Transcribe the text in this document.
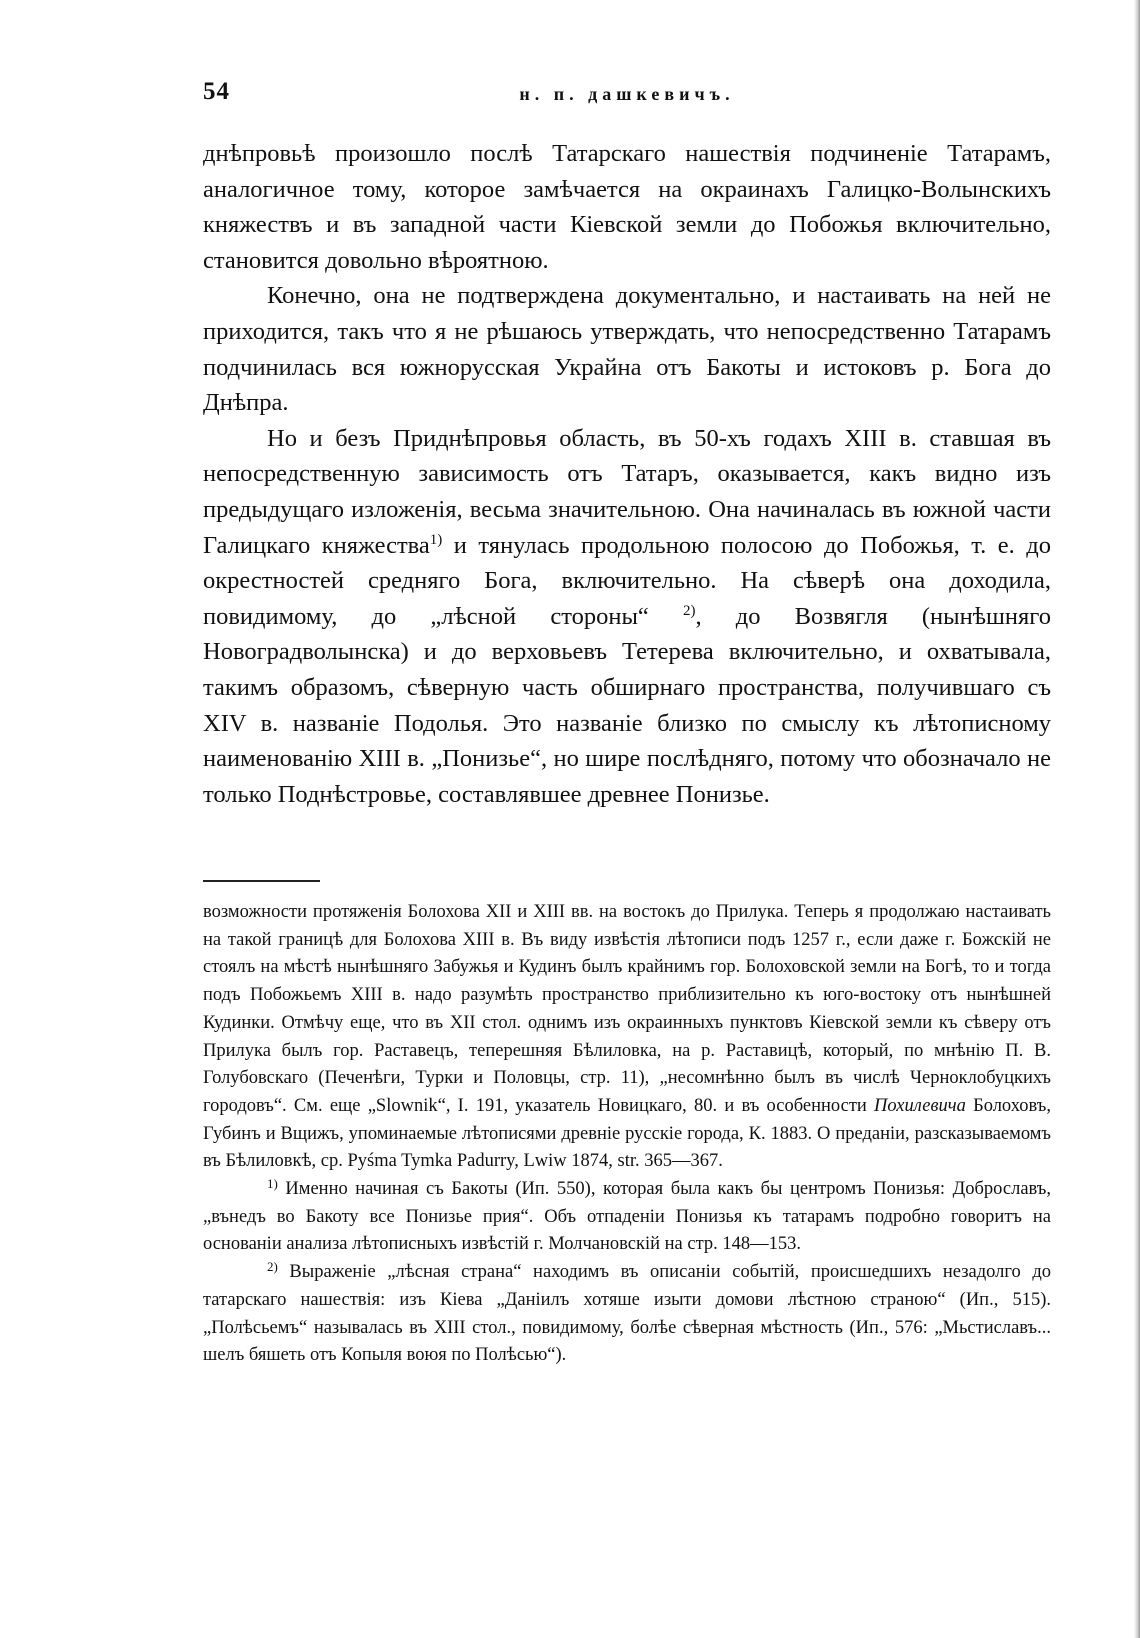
54	н. п. дашкевичъ.

днѣпровьѣ произошло послѣ Татарскаго нашествія подчиненіе Татарамъ, аналогичное тому, которое замѣчается на окраинахъ Галицко-Волынскихъ княжествъ и въ западной части Кіевской земли до Побожья включительно, становится довольно вѣроятною.

Конечно, она не подтверждена документально, и настаивать на ней не приходится, такъ что я не рѣшаюсь утверждать, что непосредственно Татарамъ подчинилась вся южнорусская Украйна отъ Бакоты и истоковъ р. Бога до Днѣпра.

Но и безъ Приднѣпровья область, въ 50-хъ годахъ XIII в. ставшая въ непосредственную зависимость отъ Татаръ, оказывается, какъ видно изъ предыдущаго изложенія, весьма значительною. Она начиналась въ южной части Галицкаго княжества$^{1)}$ и тянулась продольною полосою до Побожья, т. е. до окрестностей средняго Бога, включительно. На сѣверѣ она доходила, повидимому, до „лѣсной стороны“ $^{2)}$, до Возвягля (нынѣшняго Новоградволынска) и до верховьевъ Тетерева включительно, и охватывала, такимъ образомъ, сѣверную часть обширнаго пространства, получившаго съ XIV в. названіе Подолья. Это названіе близко по смыслу къ лѣтописному наименованію XIII в. „Понизье“, но шире послѣдняго, потому что обозначало не только Поднѣстровье, составлявшее древнее Понизье.

возможности протяженія Болохова XII и XIII вв. на востокъ до Прилука. Теперь я продолжаю настаивать на такой границѣ для Болохова XIII в. Въ виду извѣстія лѣтописи подъ 1257 г., если даже г. Божскій не стоялъ на мѣстѣ нынѣшняго Забужья и Кудинъ былъ крайнимъ гор. Болоховской земли на Богѣ, то и тогда подъ Побожьемъ XIII в. надо разумѣть пространство приблизительно къ юго-востоку отъ нынѣшней Кудинки. Отмѣчу еще, что въ XII стол. однимъ изъ окраинныхъ пунктовъ Кіевской земли къ сѣверу отъ Прилука былъ гор. Раставецъ, теперешняя Бѣлиловка, на р. Раставицѣ, который, по мнѣнію П. В. Голубовскаго (Печенѣги, Турки и Половцы, стр. 11), „несомнѣнно былъ въ числѣ Черноклобуцкихъ городовъ“. См. еще „Slownik“, I. 191, указатель Новицкаго, 80. и въ особенности Похилевича Болоховъ, Губинъ и Вщижъ, упоминаемые лѣтописями древніе русскіе города, К. 1883. О преданіи, разсказываемомъ въ Бѣлиловкѣ, ср. Pyśma Tymka Padurry, Lwiw 1874, str. 365—367.

$^{1)}$ Именно начиная съ Бакоты (Ип. 550), которая была какъ бы центромъ Понизья: Доброславъ, „вънедъ во Бакоту все Понизье прия“. Объ отпаденіи Понизья къ татарамъ подробно говоритъ на основаніи анализа лѣтописныхъ извѣстій г. Молчановскій на стр. 148—153.

$^{2)}$ Выраженіе „лѣсная страна“ находимъ въ описаніи событій, происшедшихъ незадолго до татарскаго нашествія: изъ Кіева „Даніилъ хотяше изыти домови лѣстною страною“ (Ип., 515). „Полѣсьемъ“ называлась въ XIII стол., повидимому, болѣе сѣверная мѣстность (Ип., 576: „Мьстиславъ... шелъ бяшеть отъ Копыля воюя по Полѣсью“).
